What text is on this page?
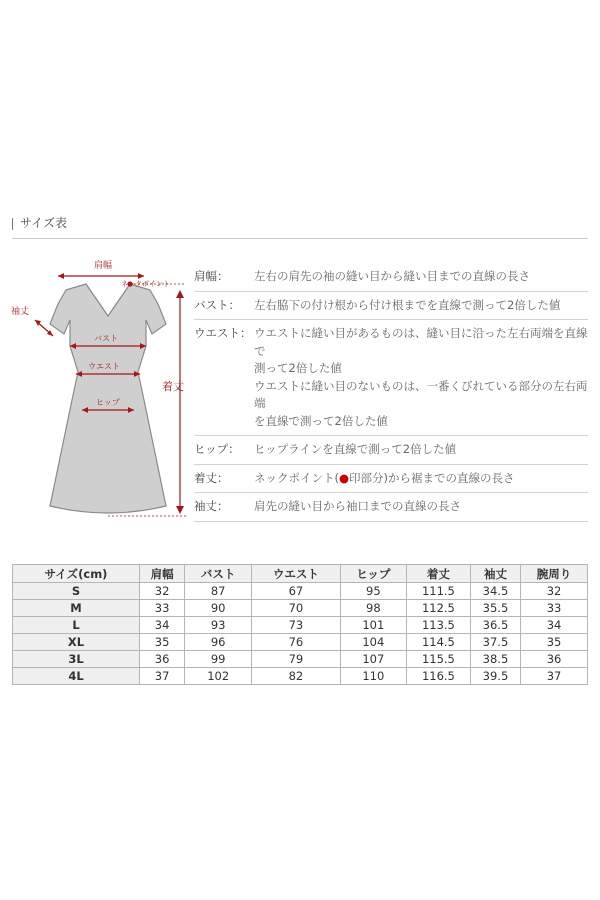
サイズ表
肩幅
ネックポイント
袖丈
着丈
バスト
ウエスト
ヒップ
肩幅：	左右の肩先の袖の縫い目から縫い目までの直線の長さ
バスト：	左右脇下の付け根から付け根までを直線で測って2倍した値
ウエスト： ウエストに縫い目があるものは、縫い目に沿った左右両端を直線で
測って2倍した値
ウエストに縫い目のないものは、一番くびれている部分の左右両端
を直線で測って2倍した値
ヒップ：	ヒップラインを直線で測って2倍した値
着丈：	ネックポイント(●印部分)から裾までの直線の長さ
袖丈：	肩先の縫い目から袖口までの直線の長さ
サイズ(cm)	肩幅	バスト	ウエスト	ヒップ	着丈	袖丈	腕周り
S	32	87	67	95	111.5	34.5	32
M	33	90	70	98	112.5	35.5	33
L	34	93	73	101	113.5	36.5	34
XL	35	96	76	104	114.5	37.5	35
3L	36	99	79	107	115.5	38.5	36
4L	37	102	82	110	116.5	39.5	37
